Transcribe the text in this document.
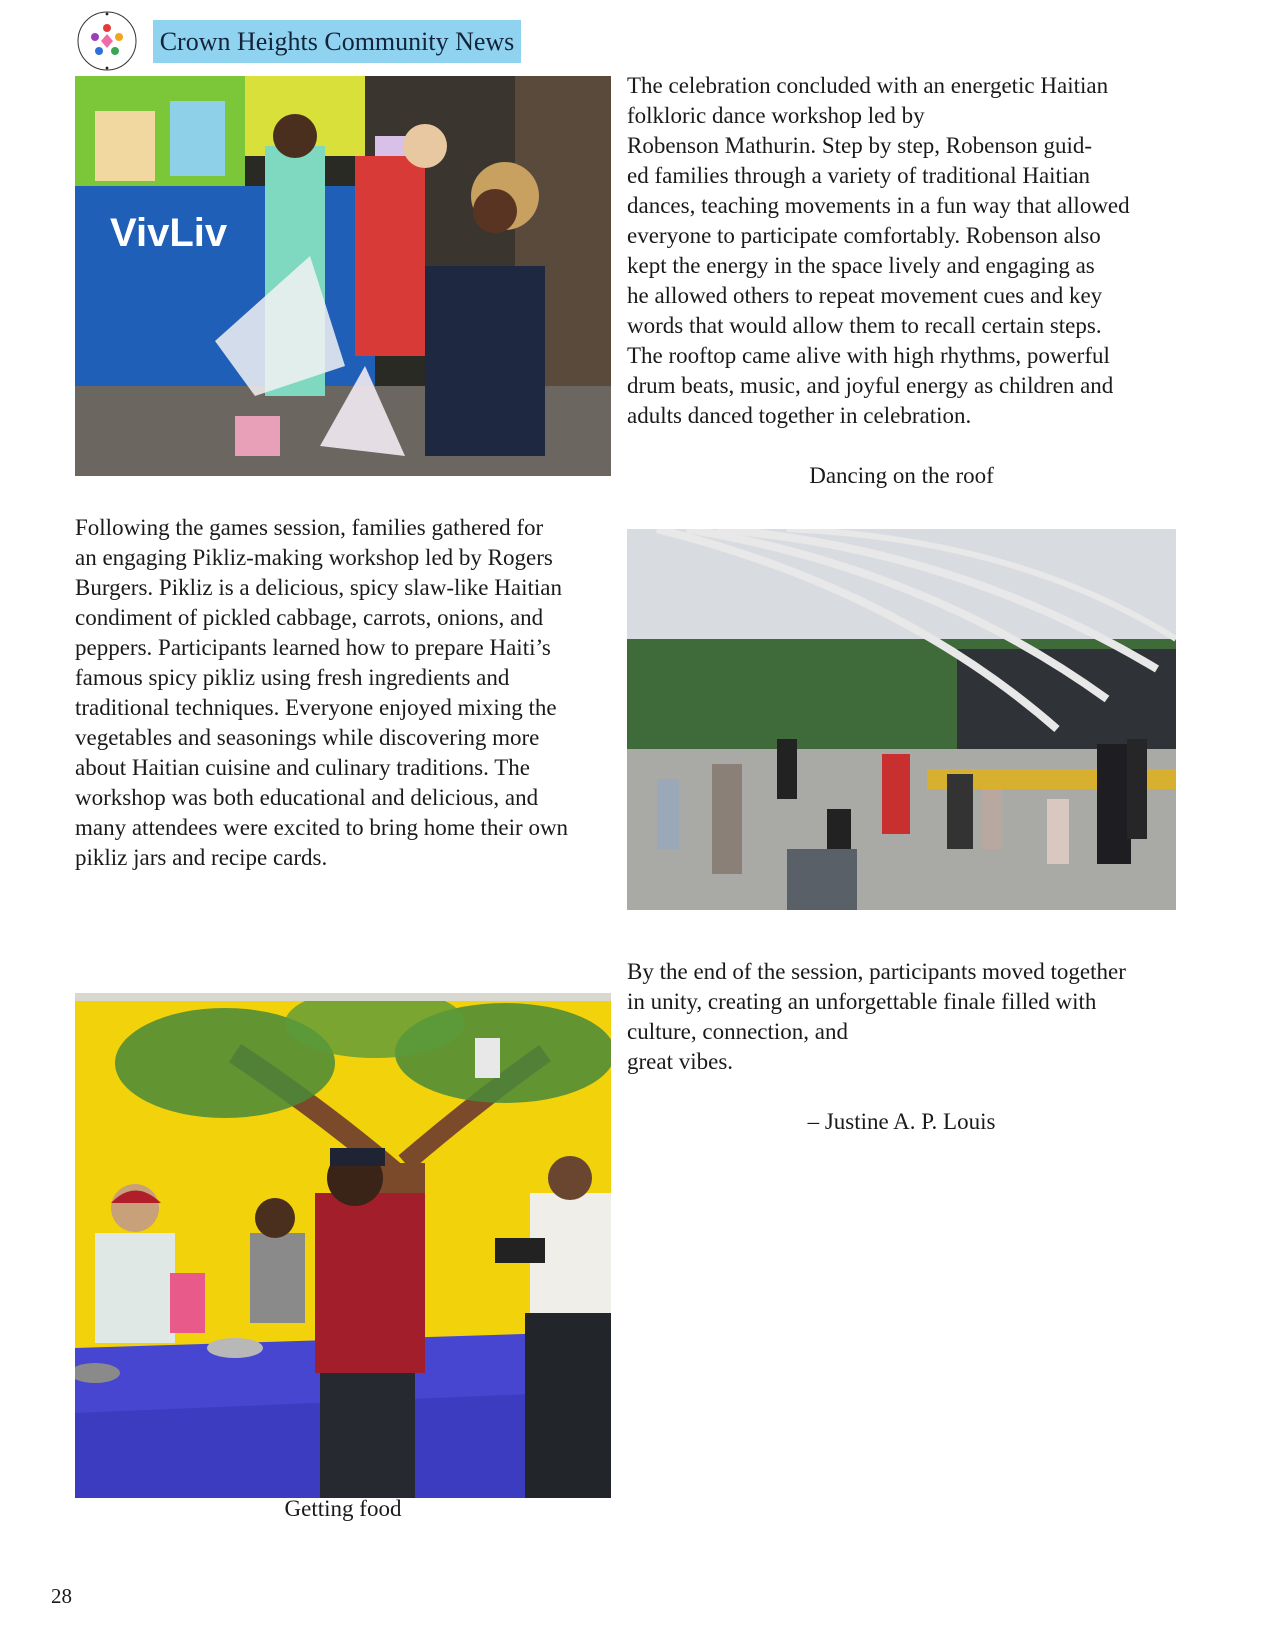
Crown Heights Community News
VivLiv

The celebration concluded with an energetic Haitian
folkloric dance workshop led by
Robenson Mathurin. Step by step, Robenson guid-
ed families through a variety of traditional Haitian
dances, teaching movements in a fun way that allowed
everyone to participate comfortably. Robenson also
kept the energy in the space lively and engaging as
he allowed others to repeat movement cues and key
words that would allow them to recall certain steps.
The rooftop came alive with high rhythms, powerful
drum beats, music, and joyful energy as children and
adults danced together in celebration.

Dancing on the roof

Following the games session, families gathered for
an engaging Pikliz-making workshop led by Rogers
Burgers. Pikliz is a delicious, spicy slaw-like Haitian
condiment of pickled cabbage, carrots, onions, and
peppers. Participants learned how to prepare Haiti’s
famous spicy pikliz using fresh ingredients and
traditional techniques. Everyone enjoyed mixing the
vegetables and seasonings while discovering more
about Haitian cuisine and culinary traditions. The
workshop was both educational and delicious, and
many attendees were excited to bring home their own
pikliz jars and recipe cards.

By the end of the session, participants moved together
in unity, creating an unforgettable finale filled with
culture, connection, and
great vibes.

– Justine A. P. Louis
Getting food
28
